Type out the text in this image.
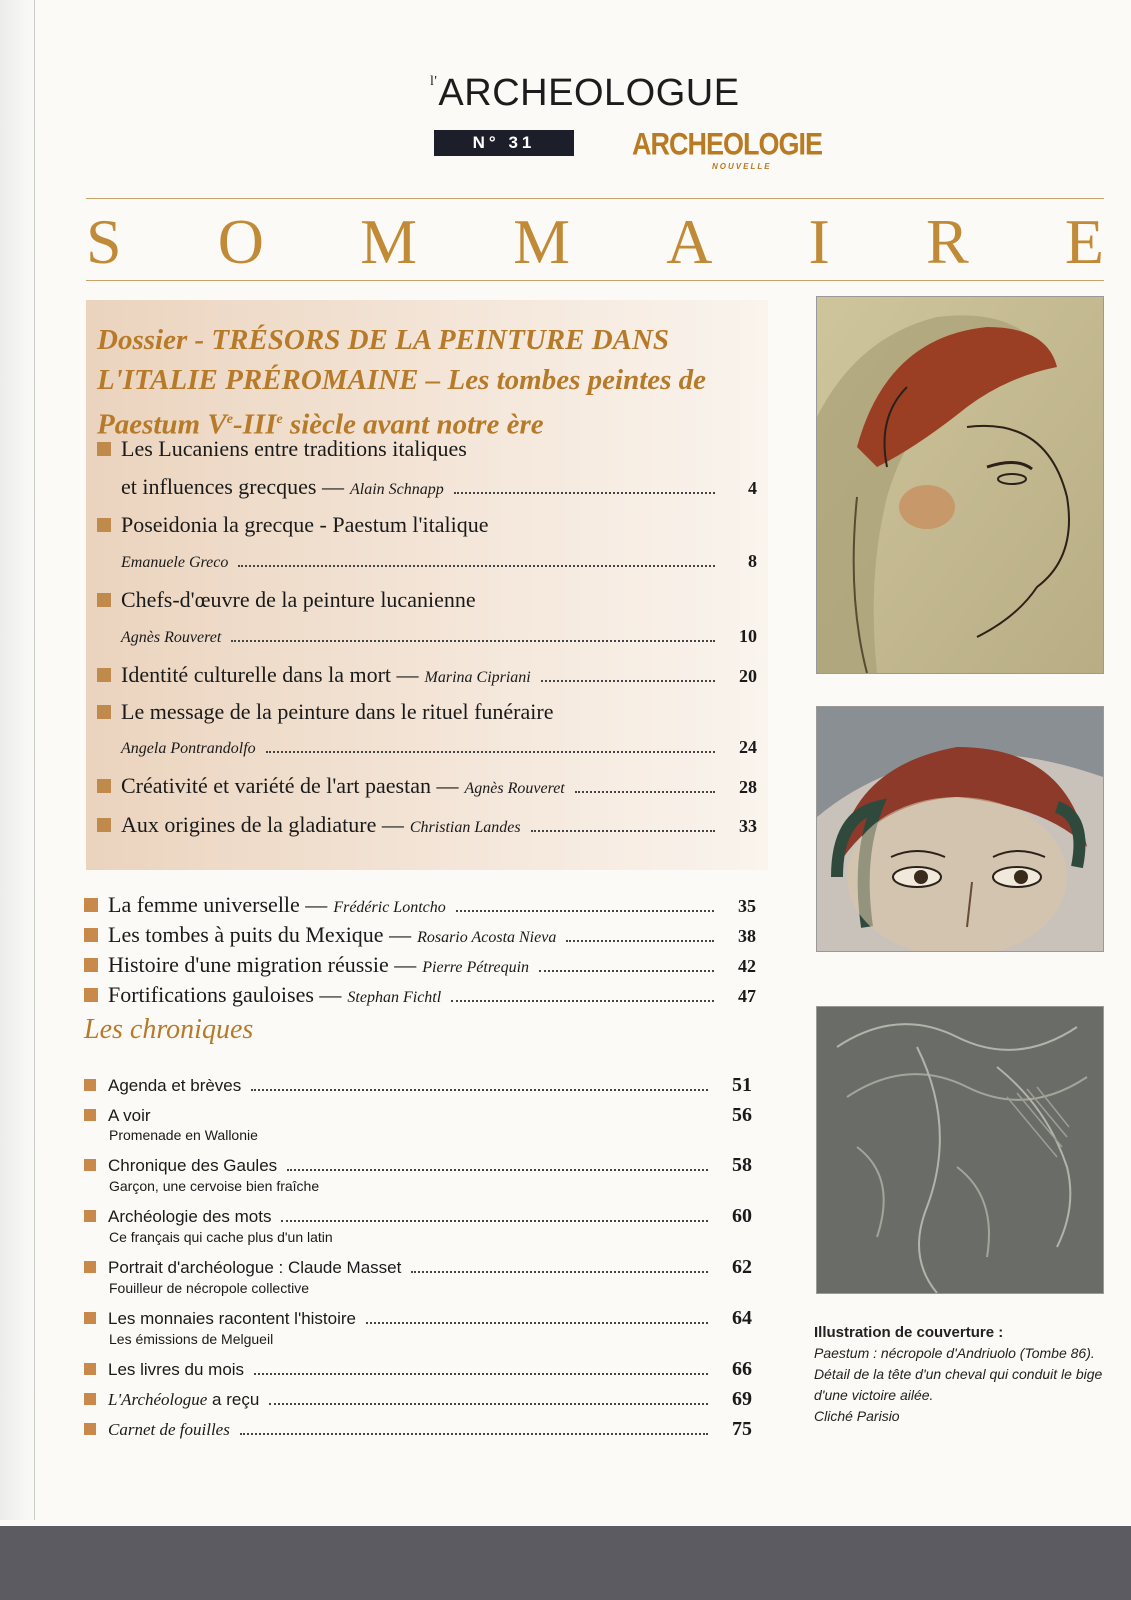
$^{l'}$ARCHEOLOGUE
N° 31	ARCHEOLOGIE
NOUVELLE
S O M M A I R E
Dossier - TRÉSORS DE LA PEINTURE DANS L'ITALIE PRÉROMAINE – Les tombes peintes de Paestum Ve-IIIe siècle avant notre ère
Les Lucaniens entre traditions italiques
et influences grecques — Alain Schnapp	4
Poseidonia la grecque - Paestum l'italique
Emanuele Greco	8
Chefs-d'œuvre de la peinture lucanienne
Agnès Rouveret	10
Identité culturelle dans la mort — Marina Cipriani	20
Le message de la peinture dans le rituel funéraire
Angela Pontrandolfo	24
Créativité et variété de l'art paestan — Agnès Rouveret	28
Aux origines de la gladiature — Christian Landes	33
La femme universelle — Frédéric Lontcho	35
Les tombes à puits du Mexique — Rosario Acosta Nieva	38
Histoire d'une migration réussie — Pierre Pétrequin	42
Fortifications gauloises — Stephan Fichtl	47
Les chroniques
Agenda et brèves	51
A voir	56
Promenade en Wallonie
Chronique des Gaules	58
Garçon, une cervoise bien fraîche
Archéologie des mots	60
Ce français qui cache plus d'un latin
Portrait d'archéologue : Claude Masset	62
Fouilleur de nécropole collective
Les monnaies racontent l'histoire	64
Les émissions de Melgueil
Les livres du mois	66
L'Archéologue a reçu	69
Carnet de fouilles	75
Illustration de couverture :
Paestum : nécropole d'Andriuolo (Tombe 86). Détail de la tête d'un cheval qui conduit le bige d'une victoire ailée.
Cliché Parisio
